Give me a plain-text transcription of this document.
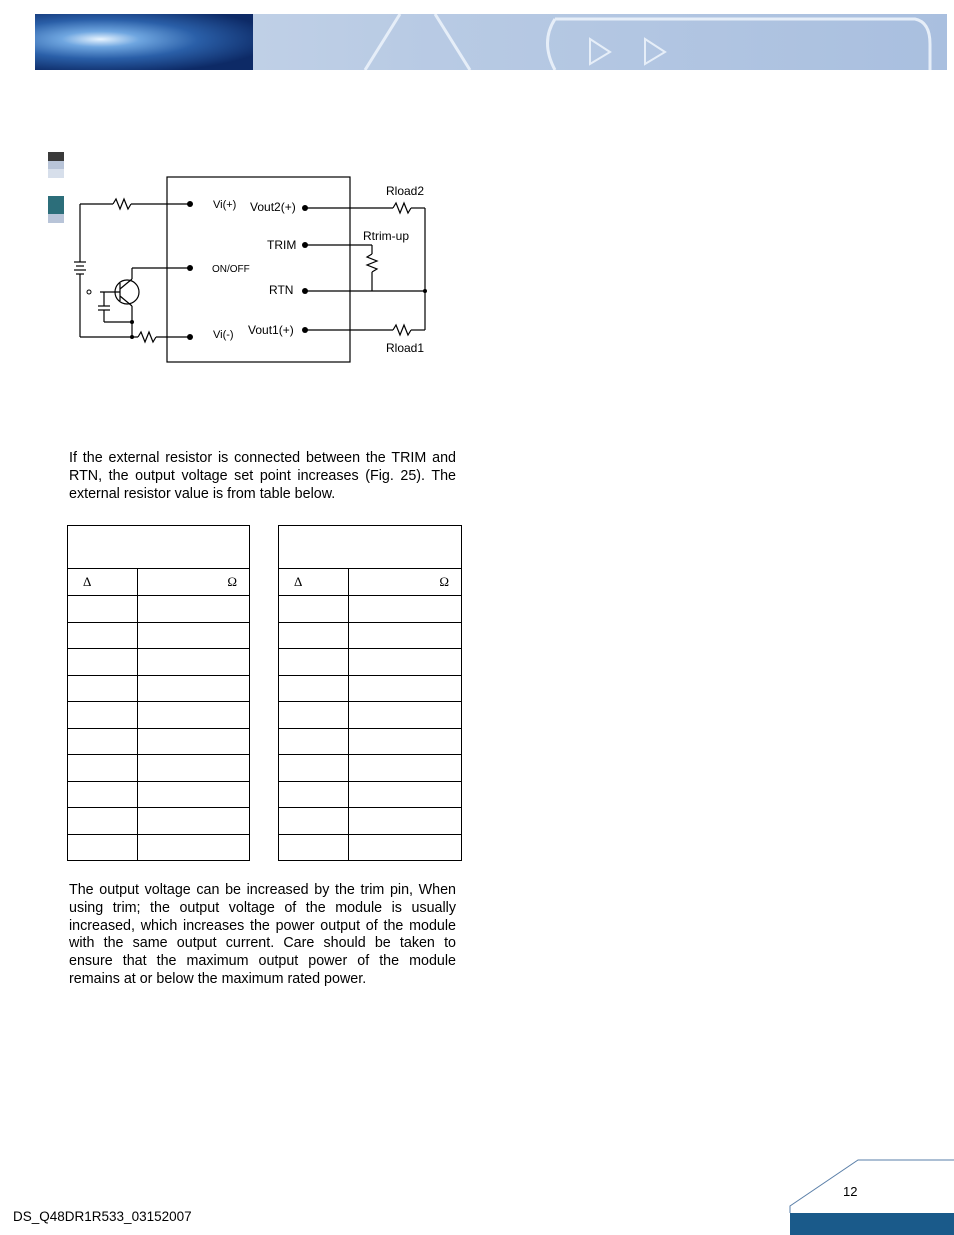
Vi(+)
ON/OFF
Vi(-)
Vout2(+)
TRIM
RTN
Vout1(+)
Rload2
Rtrim-up
Rload1

If the external resistor is connected between the TRIM and RTN, the output voltage set point increases (Fig. 25). The external resistor value is from table below.

Δ	Ω

		Δ	Ω

The output voltage can be increased by the trim pin, When using trim; the output voltage of the module is usually increased, which increases the power output of the module with the same output current. Care should be taken to ensure that the maximum output power of the module remains at or below the maximum rated power.

DS_Q48DR1R533_03152007
12
